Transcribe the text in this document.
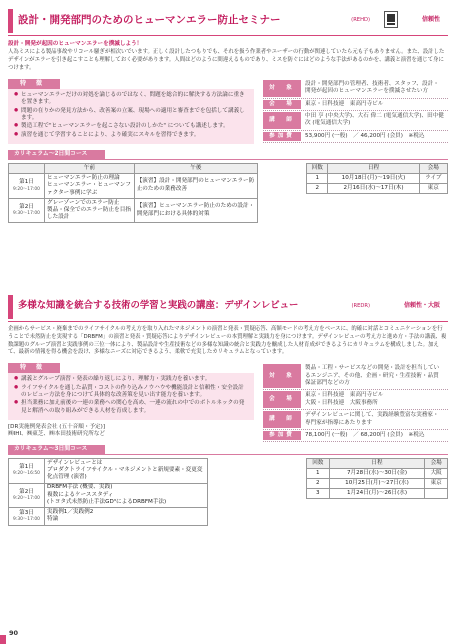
設計・開発部門のためのヒューマンエラー防止セミナー	(REHD)	信頼性
設計・開発が起因のヒューマンエラーを撲滅しよう！
人為ミスによる製品事故やリコール騒ぎが相次いでいます。正しく設計したつもりでも、それを扱う作業者やユーザーの行動が関連していたら元も子もありません。また、設計したデザインがエラーを引き起こすことも理解しておく必要があります。人間はどのように間違えるものであり、ミスを防ぐにはどのような手法があるのかを、講義と演習を通じて身につけます。
特　徴
● ヒューマンエラーだけの対処を論じるのではなく、問題を総合的に解決する方法論に重きを置きます。
● 問題の在りかの発見方法から、改善案の立案、現場への適用と審査までを包括して講義します。
● 製造工程で"ヒューマンエラーを起こさない設計のしかた" についても講述します。
● 演習を通じて学習することにより、より確実にスキルを習得できます。
対　象
設計・開発部門の管理者、技術者、スタッフ、設計・開発が起因のヒューマンエラーを撲滅させたい方
会　場	東京・日科技連　東高円寺ビル
講　師
中田 亨 (中央大学)、大石 偉二 (電気通信大学)、田中健次 (電気通信大学)
参加費	53,900円 (一般)　／ 46,200円 (会員)　※税込
カリキュラム～2日間コース
	午前	午後
第1日
9:20～17:00	ヒューマンエラー防止の理論
ヒューマンエラー・ヒューマンファクター事例に学ぶ	【演習】設計・開発部門のヒューマンエラー防止のための業務改善
第2日
9:30～17:00	グレーゾーンでのエラー防止
製品・保全でのエラー防止を目指した設計	【演習】ヒューマンエラー防止のための設計・開発部門における具体的対策
回数	日程	会場
1	10月18日(月)～19日(火)	ライブ
2	2月16日(水)～17日(木)	東京
多様な知識を統合する技術の学習と実践の講座：デザインレビュー	(REDR)	信頼性・大阪
企画からサービス・廃棄までのライフサイクルの考え方を取り入れたマネジメントの演習と発表・質疑応答、高額モードの考え方をベースに、的確に対話とコミュニケーションを行うことで未然防止を実現する「DRBFM」の演習と発表・質疑応答によりデザインレビューの本質理解と実践力を身につけます。デザインレビューの考え方と進め方・手法の講義、複数課題のグループ演習と実践事例の三位一体により、製品設計や生産技術などの多様な知識の統合と実践力を醸成した人材育成ができるようにカリキュラムを構成しました。加えて、最新の情報を得る機会を設け、多様なニーズに対応できるよう、柔軟で充実したカリキュラムとなっています。
特　徴
● 講義とグループ演習・発表の繰り返しにより、理解力・実践力を養います。
● ライフサイクルを通した品質・コストの作り込みノウハウや機能設計と信頼性・安全設計のレビュー方法を身につけて具体的な改善策を見い出す能力を養います。
● 担当業務に加え前後の一連の業務への関心を高め、一連の流れの中でのボトルネックの発見と解消への取り組みができる人材を育成します。
[DR実施例発表会社 (五十音順・予定)]
㈱IHI、㈱東芝、㈱本田技術研究所など
対　象
製品・工程・サービスなどの開発・設計を担当しているエンジニア、その他、企画・研究・生産技術・品質保証部門などの方
会　場
東京・日科技連　東高円寺ビル
大阪・日科技連　大阪事務所
講　師
デザインレビューに関して、実践経験豊富な実務家・専門家が指導にあたります
参加費	78,100円 (一般)　／ 68,200円 (会員)　※税込
カリキュラム～3日間コース
第1日
9:20～16:50	デザインレビューとは
プロダクトライフサイクル・マネジメントと新規要素・変更変化点管理 (演習)
第2日
9:20～17:00	DRBFM手法 (概要、実践)
複数によるケーススタディ
(トヨタ式未然防止手法GD³によるDRBFM手法)
第3日
9:30～17:00	実践例1／実践例2
特論
回数	日程	会場
1	7月28日(水)～30日(金)	大阪
2	10月25日(月)～27日(水)	東京
3	1月24日(月)～26日(水)	
90
